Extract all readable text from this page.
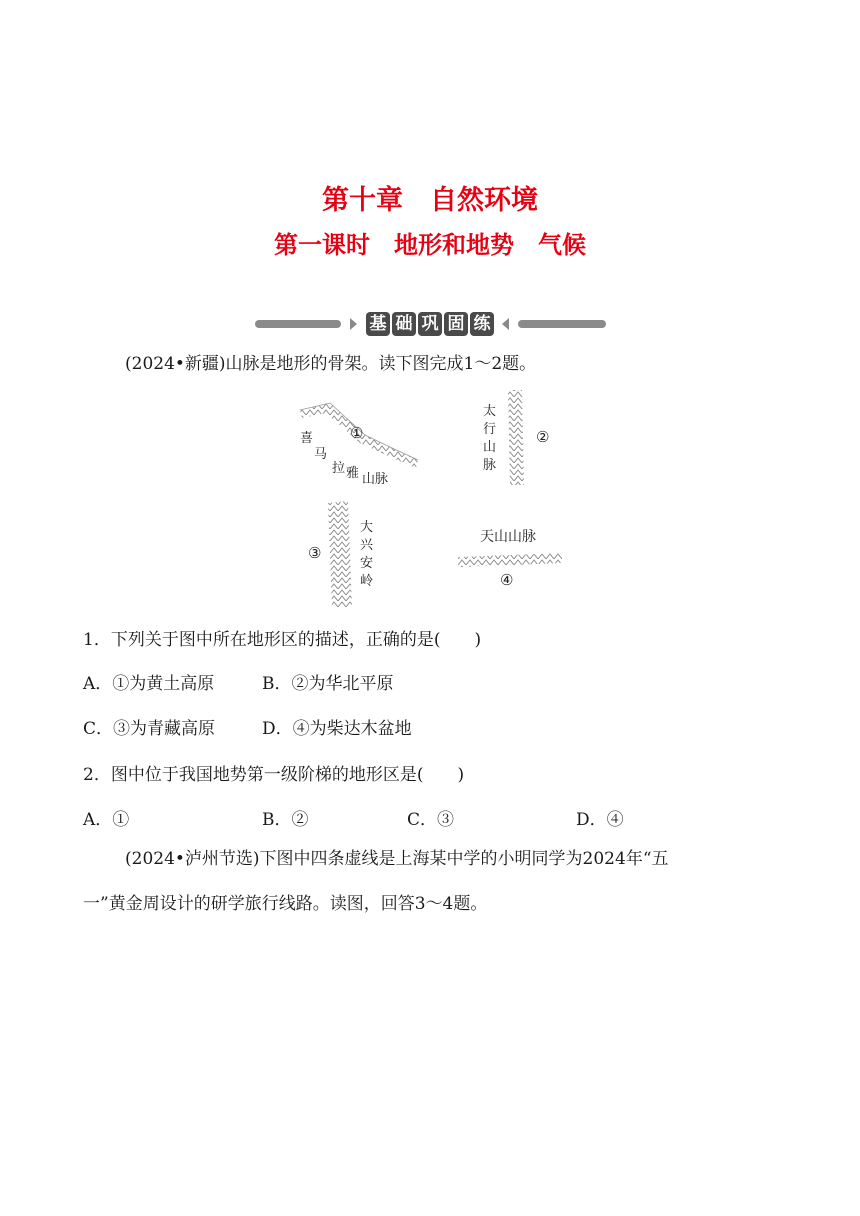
第十章　自然环境
第一课时　地形和地势　气候
基 础 巩 固 练
(2024•新疆)山脉是地形的骨架。读下图完成1～2题。
喜
马
拉 雅 山脉
①
太
行
山
脉
②
大
兴
安
岭
③
天山山脉
④
1．下列关于图中所在地形区的描述，正确的是(　　)
A．①为黄土高原	B．②为华北平原
C．③为青藏高原	D．④为柴达木盆地
2．图中位于我国地势第一级阶梯的地形区是(　　)
A．①	B．②	C．③	D．④
(2024•泸州节选)下图中四条虚线是上海某中学的小明同学为2024年“五
一”黄金周设计的研学旅行线路。读图，回答3～4题。
